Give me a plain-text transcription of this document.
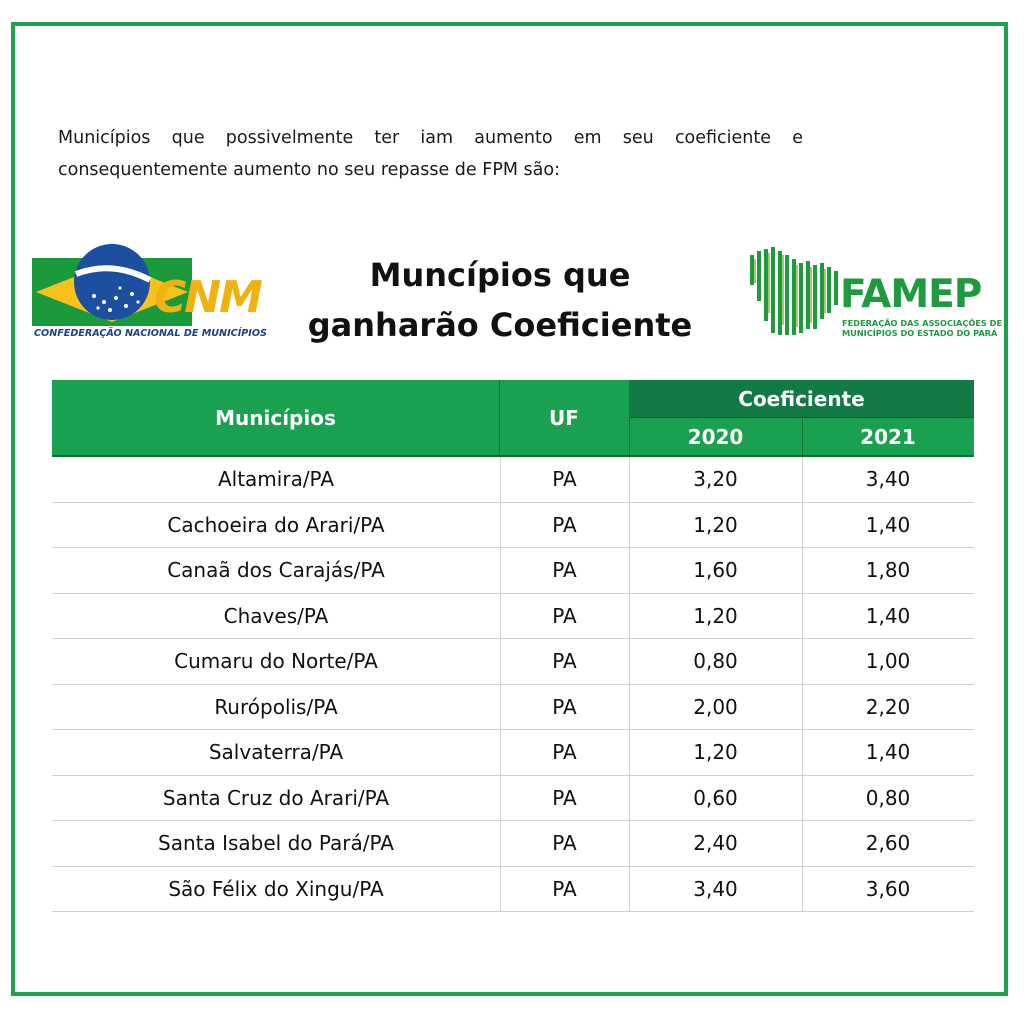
Municípios que possivelmente ter iam aumento em seu coeficiente e
consequentemente aumento no seu repasse de FPM são:
CNM
CONFEDERAÇÃO NACIONAL DE MUNICÍPIOS
Muncípios que
ganharão Coeficiente
FAMEP
FEDERAÇÃO DAS ASSOCIAÇÕES DE
MUNICÍPIOS DO ESTADO DO PARÁ
Municípios	UF
Coeficiente
2020	2021
Altamira/PA	PA	3,20	3,40
Cachoeira do Arari/PA	PA	1,20	1,40
Canaã dos Carajás/PA	PA	1,60	1,80
Chaves/PA	PA	1,20	1,40
Cumaru do Norte/PA	PA	0,80	1,00
Rurópolis/PA	PA	2,00	2,20
Salvaterra/PA	PA	1,20	1,40
Santa Cruz do Arari/PA	PA	0,60	0,80
Santa Isabel do Pará/PA	PA	2,40	2,60
São Félix do Xingu/PA	PA	3,40	3,60
